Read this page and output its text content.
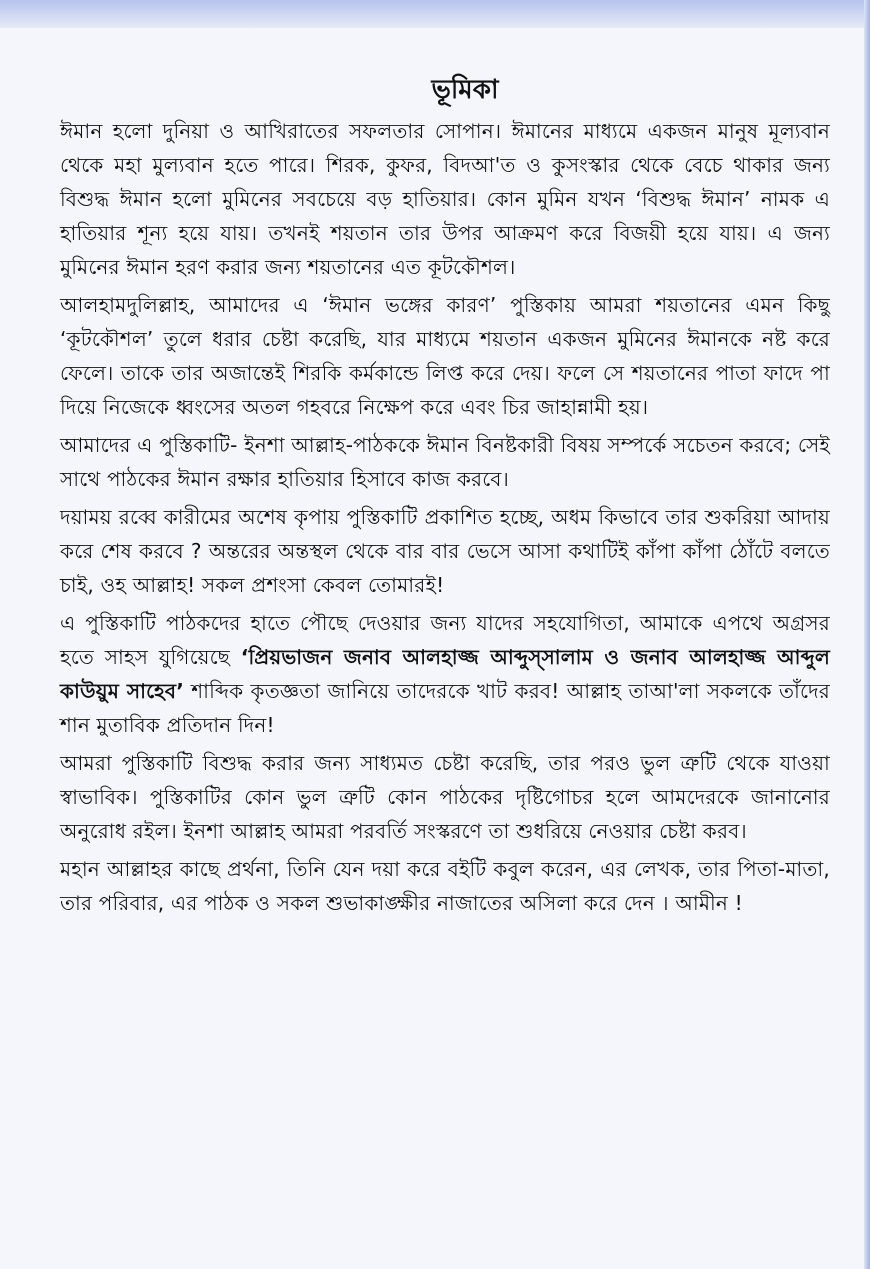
ভূমিকা

ঈমান হলো দুনিয়া ও আখিরাতের সফলতার সোপান। ঈমানের মাধ্যমে একজন মানুষ মূল্যবান থেকে মহা মুল্যবান হতে পারে। শিরক, কুফর, বিদআ'ত ও কুসংস্কার থেকে বেচে থাকার জন্য বিশুদ্ধ ঈমান হলো মুমিনের সবচেয়ে বড় হাতিয়ার। কোন মুমিন যখন ‘বিশুদ্ধ ঈমান’ নামক এ হাতিয়ার শূন্য হয়ে যায়। তখনই শয়তান তার উপর আক্রমণ করে বিজয়ী হয়ে যায়। এ জন্য মুমিনের ঈমান হরণ করার জন্য শয়তানের এত কূটকৌশল।

আলহামদুলিল্লাহ, আমাদের এ ‘ঈমান ভঙ্গের কারণ’ পুস্তিকায় আমরা শয়তানের এমন কিছু ‘কূটকৌশল’ তুলে ধরার চেষ্টা করেছি, যার মাধ্যমে শয়তান একজন মুমিনের ঈমানকে নষ্ট করে ফেলে। তাকে তার অজান্তেই শিরকি কর্মকান্ডে লিপ্ত করে দেয়। ফলে সে শয়তানের পাতা ফাদে পা দিয়ে নিজেকে ধ্বংসের অতল গহবরে নিক্ষেপ করে এবং চির জাহান্নামী হয়।

আমাদের এ পুস্তিকাটি- ইনশা আল্লাহ-পাঠককে ঈমান বিনষ্টকারী বিষয় সম্পর্কে সচেতন করবে; সেই সাথে পাঠকের ঈমান রক্ষার হাতিয়ার হিসাবে কাজ করবে।

দয়াময় রব্বে কারীমের অশেষ কৃপায় পুস্তিকাটি প্রকাশিত হচ্ছে, অধম কিভাবে তার শুকরিয়া আদায় করে শেষ করবে ? অন্তরের অন্তস্থল থেকে বার বার ভেসে আসা কথাটিই কাঁপা কাঁপা ঠোঁটে বলতে চাই, ওহ আল্লাহ! সকল প্রশংসা কেবল তোমারই!

এ পুস্তিকাটি পাঠকদের হাতে পৌছে দেওয়ার জন্য যাদের সহযোগিতা, আমাকে এপথে অগ্রসর হতে সাহস যুগিয়েছে ‘প্রিয়ভাজন জনাব আলহাজ্জ আব্দুস্সালাম ও জনাব আলহাজ্জ আব্দুল কাউয়ুম সাহেব’ শাব্দিক কৃতজ্ঞতা জানিয়ে তাদেরকে খাট করব! আল্লাহ তাআ'লা সকলকে তাঁদের শান মুতাবিক প্রতিদান দিন!

আমরা পুস্তিকাটি বিশুদ্ধ করার জন্য সাধ্যমত চেষ্টা করেছি, তার পরও ভুল ত্রুটি থেকে যাওয়া স্বাভাবিক। পুস্তিকাটির কোন ভুল ত্রুটি কোন পাঠকের দৃষ্টিগোচর হলে আমদেরকে জানানোর অনুরোধ রইল। ইনশা আল্লাহ আমরা পরবর্তি সংস্করণে তা শুধরিয়ে নেওয়ার চেষ্টা করব।

মহান আল্লাহর কাছে প্রর্থনা, তিনি যেন দয়া করে বইটি কবুল করেন, এর লেখক, তার পিতা-মাতা, তার পরিবার, এর পাঠক ও সকল শুভাকাঙ্ক্ষীর নাজাতের অসিলা করে দেন । আমীন !
